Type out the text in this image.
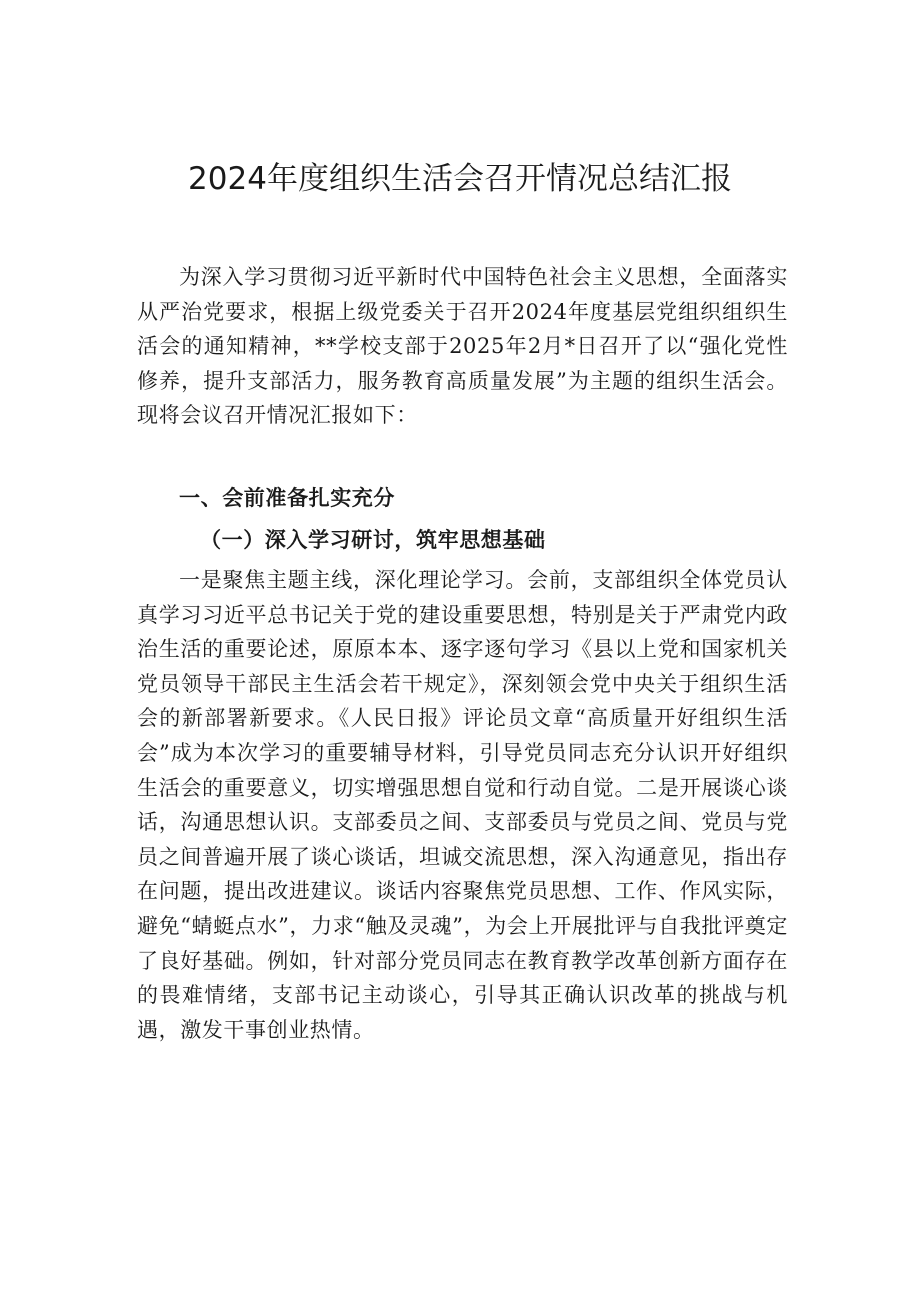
2024年度组织生活会召开情况总结汇报

为深入学习贯彻习近平新时代中国特色社会主义思想，全面落实从严治党要求，根据上级党委关于召开2024年度基层党组织组织生活会的通知精神，**学校支部于2025年2月*日召开了以“强化党性修养，提升支部活力，服务教育高质量发展”为主题的组织生活会。现将会议召开情况汇报如下：

一、会前准备扎实充分

（一）深入学习研讨，筑牢思想基础

一是聚焦主题主线，深化理论学习。会前，支部组织全体党员认真学习习近平总书记关于党的建设重要思想，特别是关于严肃党内政治生活的重要论述，原原本本、逐字逐句学习《县以上党和国家机关党员领导干部民主生活会若干规定》，深刻领会党中央关于组织生活会的新部署新要求。《人民日报》评论员文章“高质量开好组织生活会”成为本次学习的重要辅导材料，引导党员同志充分认识开好组织生活会的重要意义，切实增强思想自觉和行动自觉。二是开展谈心谈话，沟通思想认识。支部委员之间、支部委员与党员之间、党员与党员之间普遍开展了谈心谈话，坦诚交流思想，深入沟通意见，指出存在问题，提出改进建议。谈话内容聚焦党员思想、工作、作风实际，避免“蜻蜓点水”，力求“触及灵魂”，为会上开展批评与自我批评奠定了良好基础。例如，针对部分党员同志在教育教学改革创新方面存在的畏难情绪，支部书记主动谈心，引导其正确认识改革的挑战与机遇，激发干事创业热情。
